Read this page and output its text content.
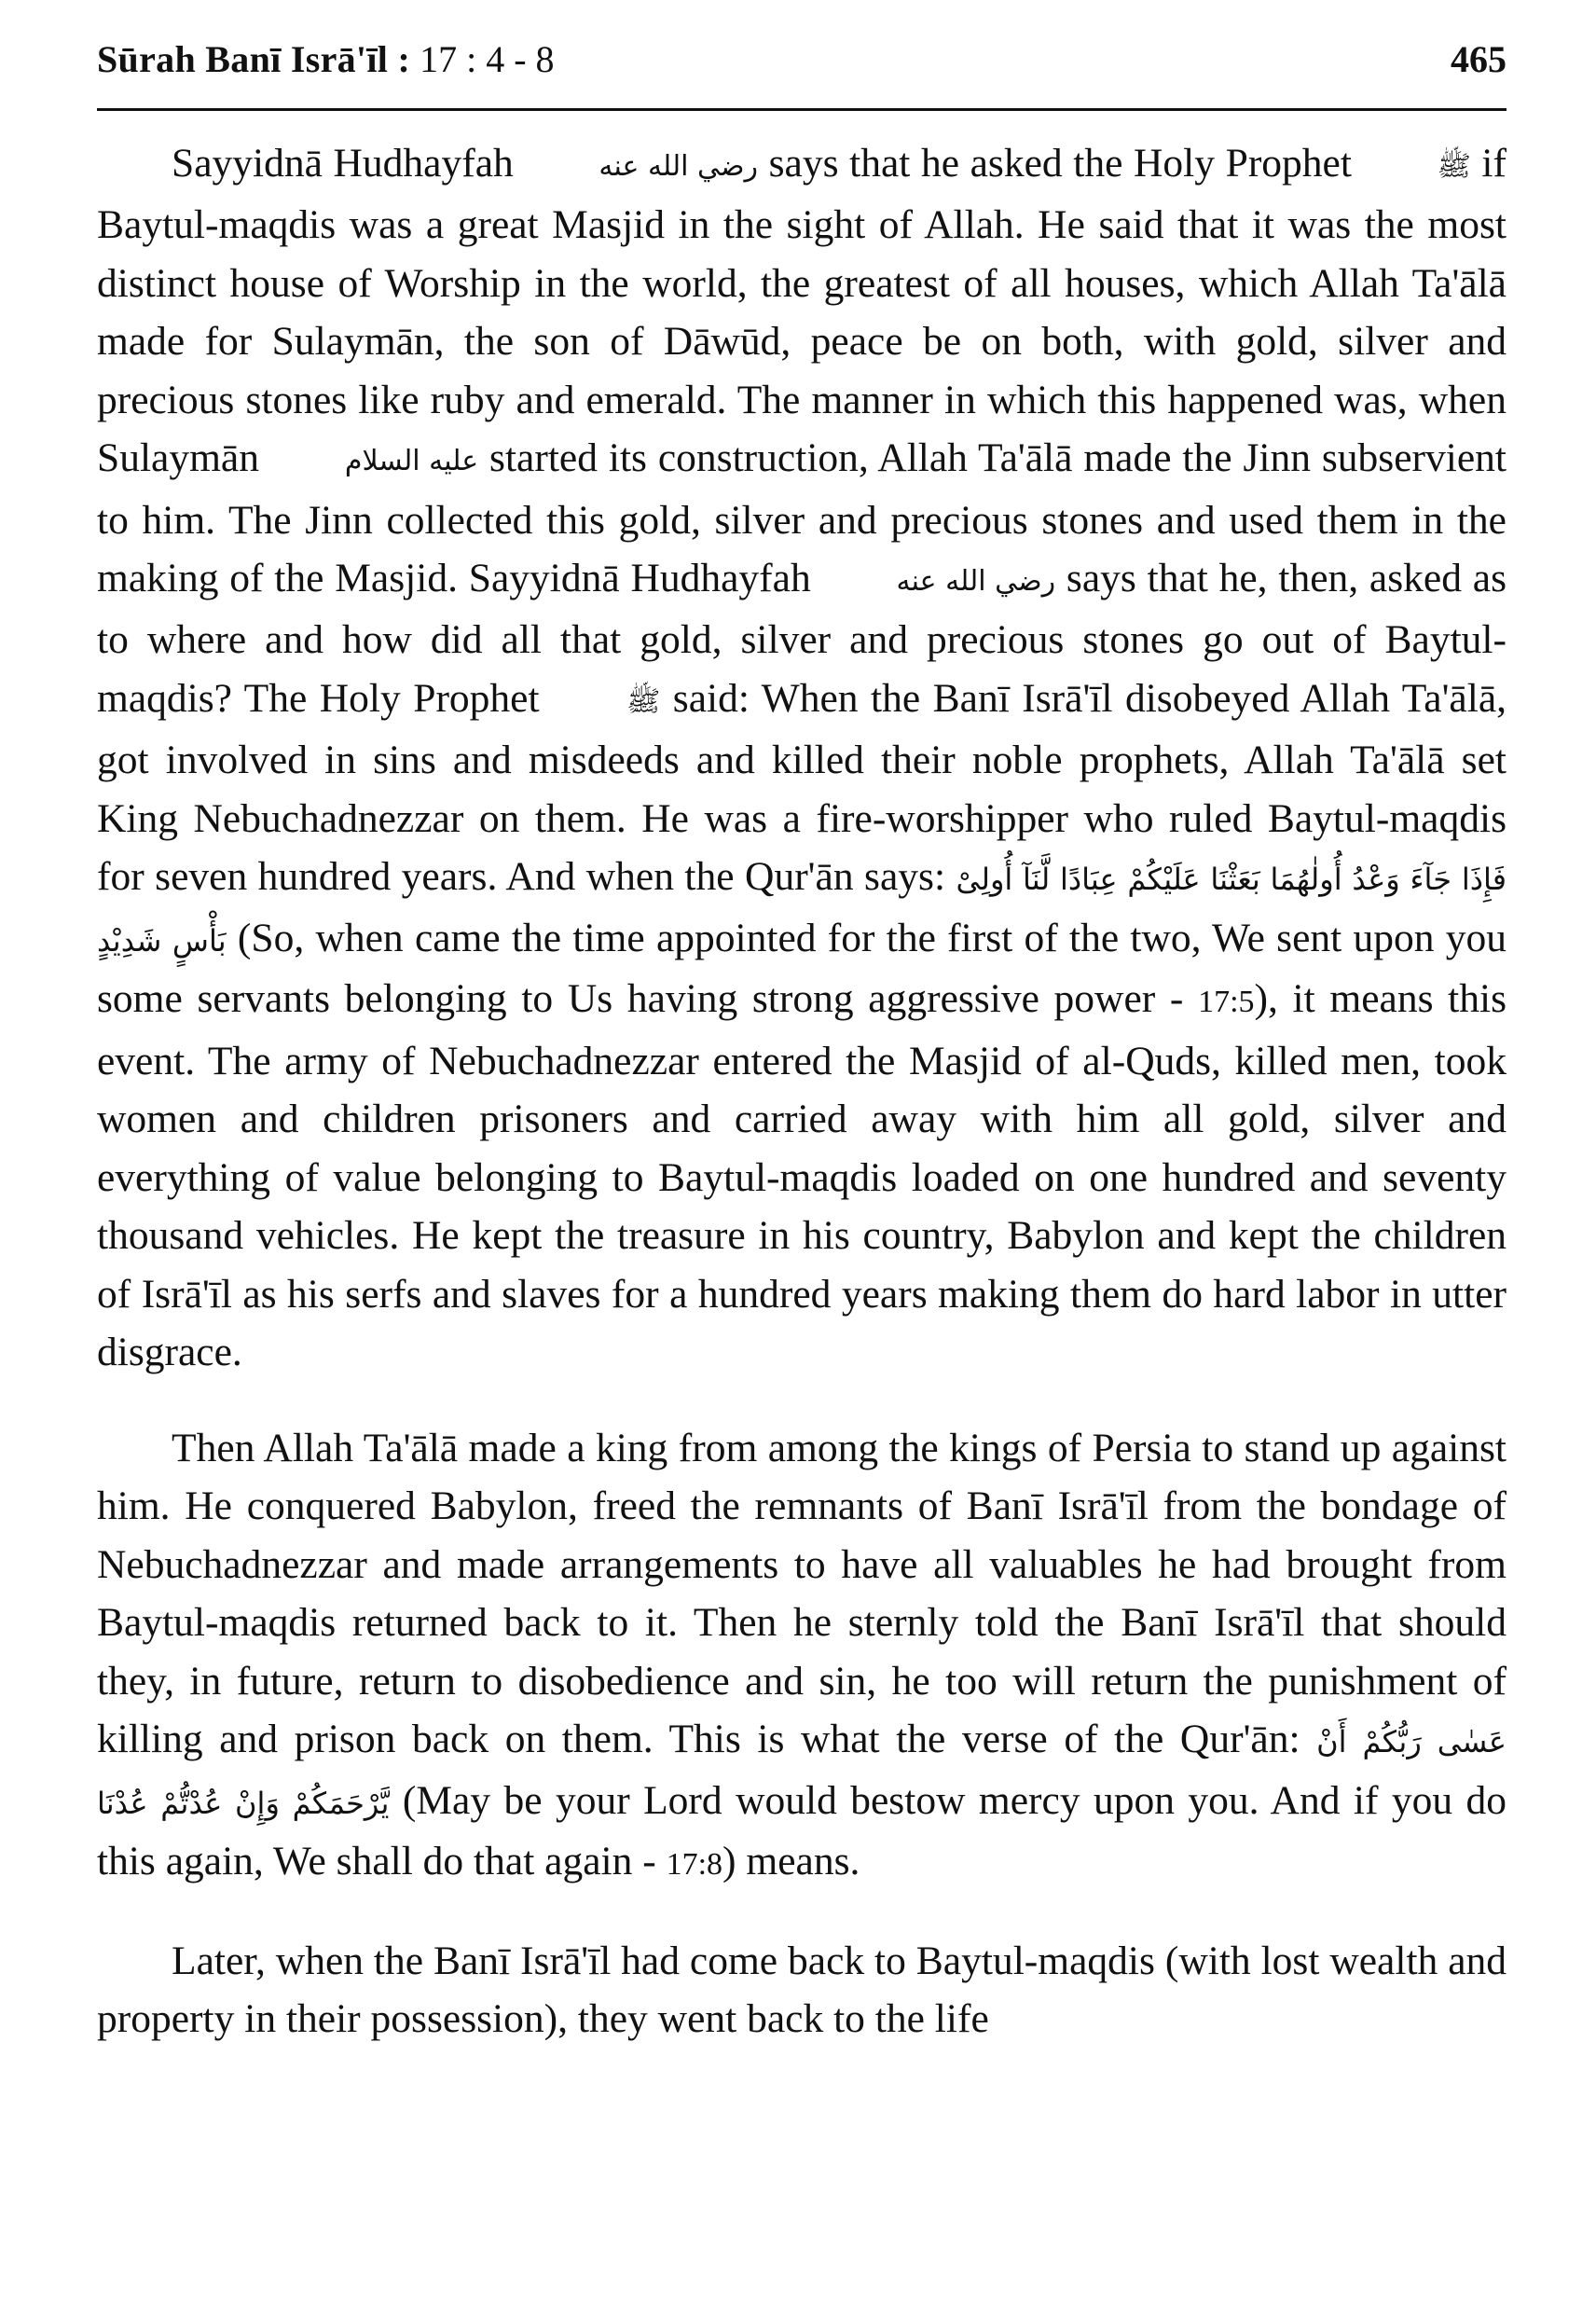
Sūrah Banī Isrā'īl : 17 : 4 - 8	465

Sayyidnā Hudhayfah	رضي الله عنه says that he asked the Holy Prophet	ﷺ if Baytul-maqdis was a great Masjid in the sight of Allah. He said that it was the most distinct house of Worship in the world, the greatest of all houses, which Allah Ta'ālā made for Sulaymān, the son of Dāwūd, peace be on both, with gold, silver and precious stones like ruby and emerald. The manner in which this happened was, when Sulaymān	عليه السلام started its construction, Allah Ta'ālā made the Jinn subservient to him. The Jinn collected this gold, silver and precious stones and used them in the making of the Masjid. Sayyidnā Hudhayfah	رضي الله عنه says that he, then, asked as to where and how did all that gold, silver and precious stones go out of Baytul-maqdis? The Holy Prophet	ﷺ said: When the Banī Isrā'īl disobeyed Allah Ta'ālā, got involved in sins and misdeeds and killed their noble prophets, Allah Ta'ālā set King Nebuchadnezzar on them. He was a fire-worshipper who ruled Baytul-maqdis for seven hundred years. And when the Qur'ān says: فَإِذَا جَآءَ وَعْدُ أُولٰهُمَا بَعَثْنَا عَلَيْكُمْ عِبَادًا لَّنَآ أُولِىْ بَأْسٍ شَدِيْدٍ (So, when came the time appointed for the first of the two, We sent upon you some servants belonging to Us having strong aggressive power - 17:5), it means this event. The army of Nebuchadnezzar entered the Masjid of al-Quds, killed men, took women and children prisoners and carried away with him all gold, silver and everything of value belonging to Baytul-maqdis loaded on one hundred and seventy thousand vehicles. He kept the treasure in his country, Babylon and kept the children of Isrā'īl as his serfs and slaves for a hundred years making them do hard labor in utter disgrace.

Then Allah Ta'ālā made a king from among the kings of Persia to stand up against him. He conquered Babylon, freed the remnants of Banī Isrā'īl from the bondage of Nebuchadnezzar and made arrangements to have all valuables he had brought from Baytul-maqdis returned back to it. Then he sternly told the Banī Isrā'īl that should they, in future, return to disobedience and sin, he too will return the punishment of killing and prison back on them. This is what the verse of the Qur'ān: عَسٰى رَبُّكُمْ أَنْ يَّرْحَمَكُمْ وَإِنْ عُدْتُّمْ عُدْنَا (May be your Lord would bestow mercy upon you. And if you do this again, We shall do that again - 17:8) means.

Later, when the Banī Isrā'īl had come back to Baytul-maqdis (with lost wealth and property in their possession), they went back to the life
